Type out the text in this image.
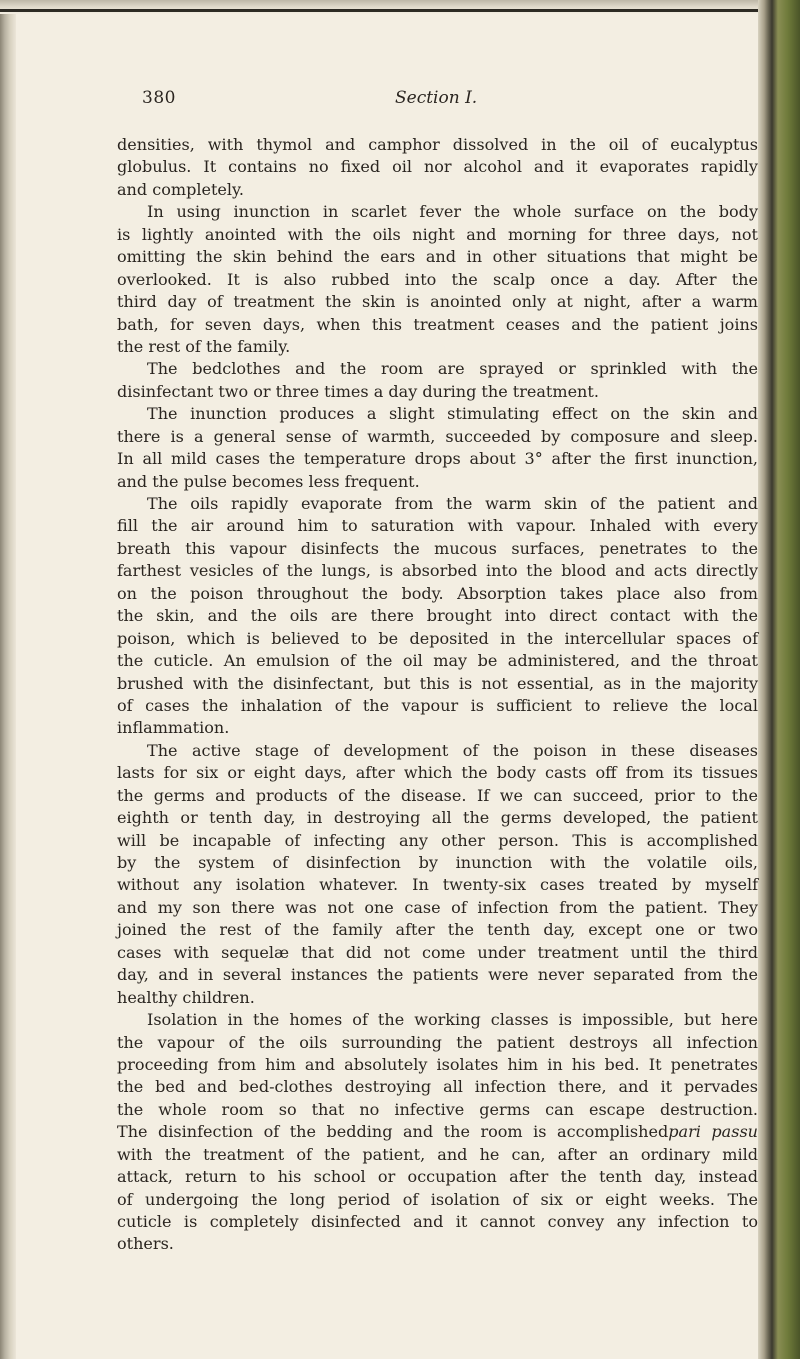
380	Section I.
densities, with thymol and camphor dissolved in the oil of eucalyptus
globulus. It contains no fixed oil nor alcohol and it evaporates rapidly
and completely.
In using inunction in scarlet fever the whole surface on the body
is lightly anointed with the oils night and morning for three days, not
omitting the skin behind the ears and in other situations that might be
overlooked. It is also rubbed into the scalp once a day. After the
third day of treatment the skin is anointed only at night, after a warm
bath, for seven days, when this treatment ceases and the patient joins
the rest of the family.
The bedclothes and the room are sprayed or sprinkled with the
disinfectant two or three times a day during the treatment.
The inunction produces a slight stimulating effect on the skin and
there is a general sense of warmth, succeeded by composure and sleep.
In all mild cases the temperature drops about 3° after the first inunction,
and the pulse becomes less frequent.
The oils rapidly evaporate from the warm skin of the patient and
fill the air around him to saturation with vapour. Inhaled with every
breath this vapour disinfects the mucous surfaces, penetrates to the
farthest vesicles of the lungs, is absorbed into the blood and acts directly
on the poison throughout the body. Absorption takes place also from
the skin, and the oils are there brought into direct contact with the
poison, which is believed to be deposited in the intercellular spaces of
the cuticle. An emulsion of the oil may be administered, and the throat
brushed with the disinfectant, but this is not essential, as in the majority
of cases the inhalation of the vapour is sufficient to relieve the local
inflammation.
The active stage of development of the poison in these diseases
lasts for six or eight days, after which the body casts off from its tissues
the germs and products of the disease. If we can succeed, prior to the
eighth or tenth day, in destroying all the germs developed, the patient
will be incapable of infecting any other person. This is accomplished
by the system of disinfection by inunction with the volatile oils,
without any isolation whatever. In twenty-six cases treated by myself
and my son there was not one case of infection from the patient. They
joined the rest of the family after the tenth day, except one or two
cases with sequelæ that did not come under treatment until the third
day, and in several instances the patients were never separated from the
healthy children.
Isolation in the homes of the working classes is impossible, but here
the vapour of the oils surrounding the patient destroys all infection
proceeding from him and absolutely isolates him in his bed. It penetrates
the bed and bed-clothes destroying all infection there, and it pervades
the whole room so that no infective germs can escape destruction.
The disinfection of the bedding and the room is accomplishedpari passu
with the treatment of the patient, and he can, after an ordinary mild
attack, return to his school or occupation after the tenth day, instead
of undergoing the long period of isolation of six or eight weeks. The
cuticle is completely disinfected and it cannot convey any infection to
others.
